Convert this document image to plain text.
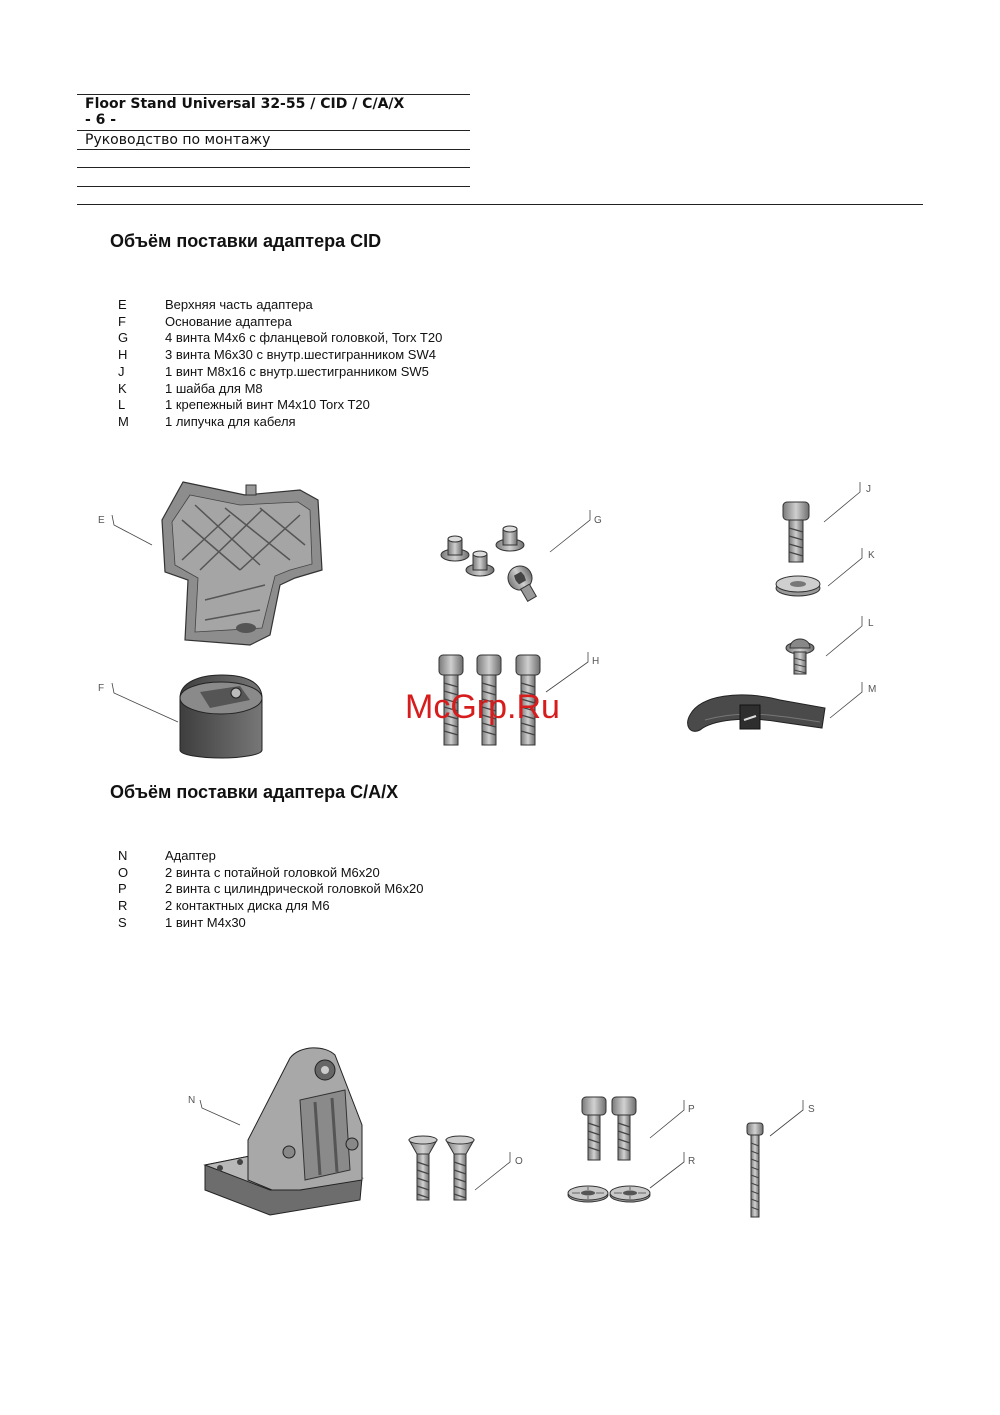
Floor Stand Universal 32-55 / CID / C/A/X
- 6 -
Руководство по монтажу
Объём поставки адаптера CID
E	Верхняя часть адаптера
F	Основание адаптера
G	4 винта M4x6 с фланцевой головкой, Torx T20
H	3 винта M6x30 с внутр.шестигранником SW4
J	1 винт M8x16 с внутр.шестигранником SW5
K	1 шайба для M8
L	1 крепежный винт M4x10 Torx T20
M	1 липучка для кабеля
E
F
G
H
J
K
L
M
McGrp.Ru
Объём поставки адаптера C/A/X
N	Адаптер
O	2 винта с потайной головкой M6x20
P	2 винта с цилиндрической головкой M6x20
R	2 контактных диска для M6
S	1 винт M4x30
N
O
P
R
S
